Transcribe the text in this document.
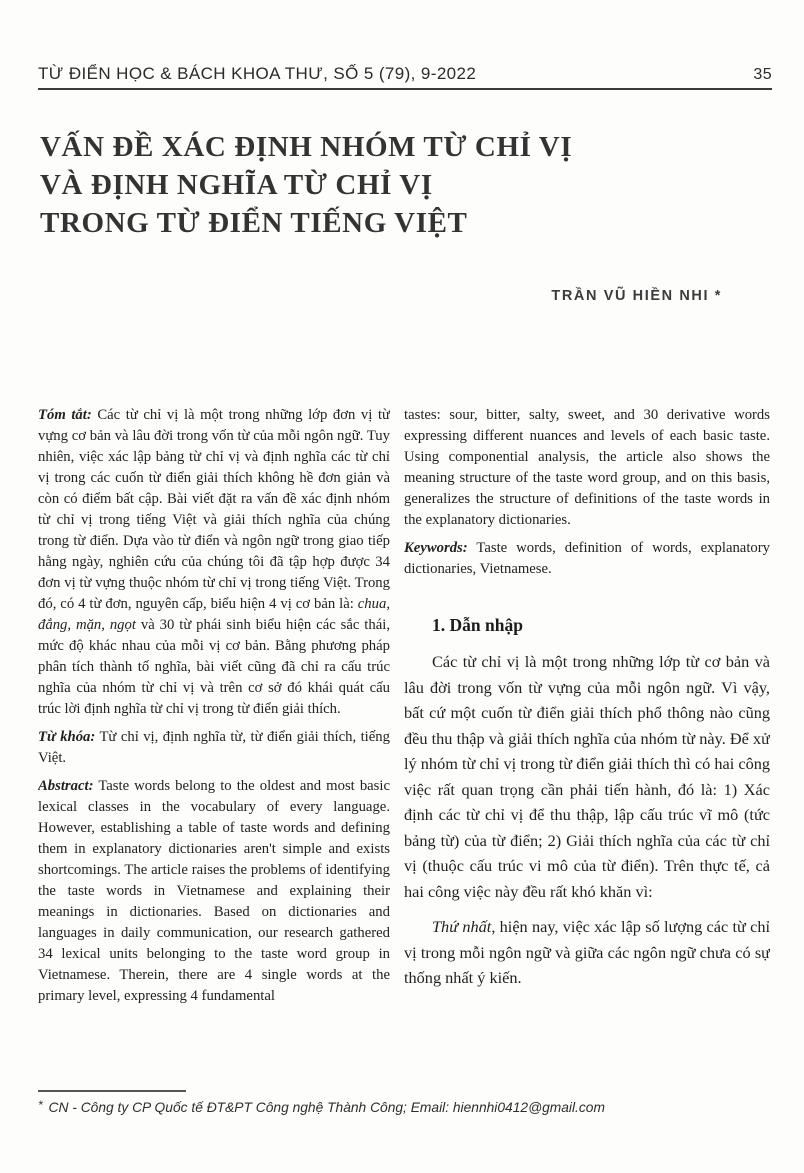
TỪ ĐIỂN HỌC & BÁCH KHOA THƯ, SỐ 5 (79), 9-2022	35
VẤN ĐỀ XÁC ĐỊNH NHÓM TỪ CHỈ VỊ
VÀ ĐỊNH NGHĨA TỪ CHỈ VỊ
TRONG TỪ ĐIỂN TIẾNG VIỆT
TRẦN VŨ HIỀN NHI *

Tóm tắt: Các từ chỉ vị là một trong những lớp đơn vị từ vựng cơ bản và lâu đời trong vốn từ của mỗi ngôn ngữ. Tuy nhiên, việc xác lập bảng từ chỉ vị và định nghĩa các từ chỉ vị trong các cuốn từ điển giải thích không hề đơn giản và còn có điểm bất cập. Bài viết đặt ra vấn đề xác định nhóm từ chỉ vị trong tiếng Việt và giải thích nghĩa của chúng trong từ điển. Dựa vào từ điển và ngôn ngữ trong giao tiếp hằng ngày, nghiên cứu của chúng tôi đã tập hợp được 34 đơn vị từ vựng thuộc nhóm từ chỉ vị trong tiếng Việt. Trong đó, có 4 từ đơn, nguyên cấp, biểu hiện 4 vị cơ bản là: chua, đắng, mặn, ngọt và 30 từ phái sinh biểu hiện các sắc thái, mức độ khác nhau của mỗi vị cơ bản. Bằng phương pháp phân tích thành tố nghĩa, bài viết cũng đã chỉ ra cấu trúc nghĩa của nhóm từ chỉ vị và trên cơ sở đó khái quát cấu trúc lời định nghĩa từ chỉ vị trong từ điển giải thích.

Từ khóa: Từ chỉ vị, định nghĩa từ, từ điển giải thích, tiếng Việt.

Abstract: Taste words belong to the oldest and most basic lexical classes in the vocabulary of every language. However, establishing a table of taste words and defining them in explanatory dictionaries aren't simple and exists shortcomings. The article raises the problems of identifying the taste words in Vietnamese and explaining their meanings in dictionaries. Based on dictionaries and languages in daily communication, our research gathered 34 lexical units belonging to the taste word group in Vietnamese. Therein, there are 4 single words at the primary level, expressing 4 fundamental

tastes: sour, bitter, salty, sweet, and 30 derivative words expressing different nuances and levels of each basic taste. Using componential analysis, the article also shows the meaning structure of the taste word group, and on this basis, generalizes the structure of definitions of the taste words in the explanatory dictionaries.

Keywords: Taste words, definition of words, explanatory dictionaries, Vietnamese.

1. Dẫn nhập

Các từ chỉ vị là một trong những lớp từ cơ bản và lâu đời trong vốn từ vựng của mỗi ngôn ngữ. Vì vậy, bất cứ một cuốn từ điển giải thích phổ thông nào cũng đều thu thập và giải thích nghĩa của nhóm từ này. Để xử lý nhóm từ chỉ vị trong từ điển giải thích thì có hai công việc rất quan trọng cần phải tiến hành, đó là: 1) Xác định các từ chỉ vị để thu thập, lập cấu trúc vĩ mô (tức bảng từ) của từ điển; 2) Giải thích nghĩa của các từ chỉ vị (thuộc cấu trúc vi mô của từ điển). Trên thực tế, cả hai công việc này đều rất khó khăn vì:

Thứ nhất, hiện nay, việc xác lập số lượng các từ chỉ vị trong mỗi ngôn ngữ và giữa các ngôn ngữ chưa có sự thống nhất ý kiến.

* CN - Công ty CP Quốc tế ĐT&PT Công nghệ Thành Công; Email: hiennhi0412@gmail.com
